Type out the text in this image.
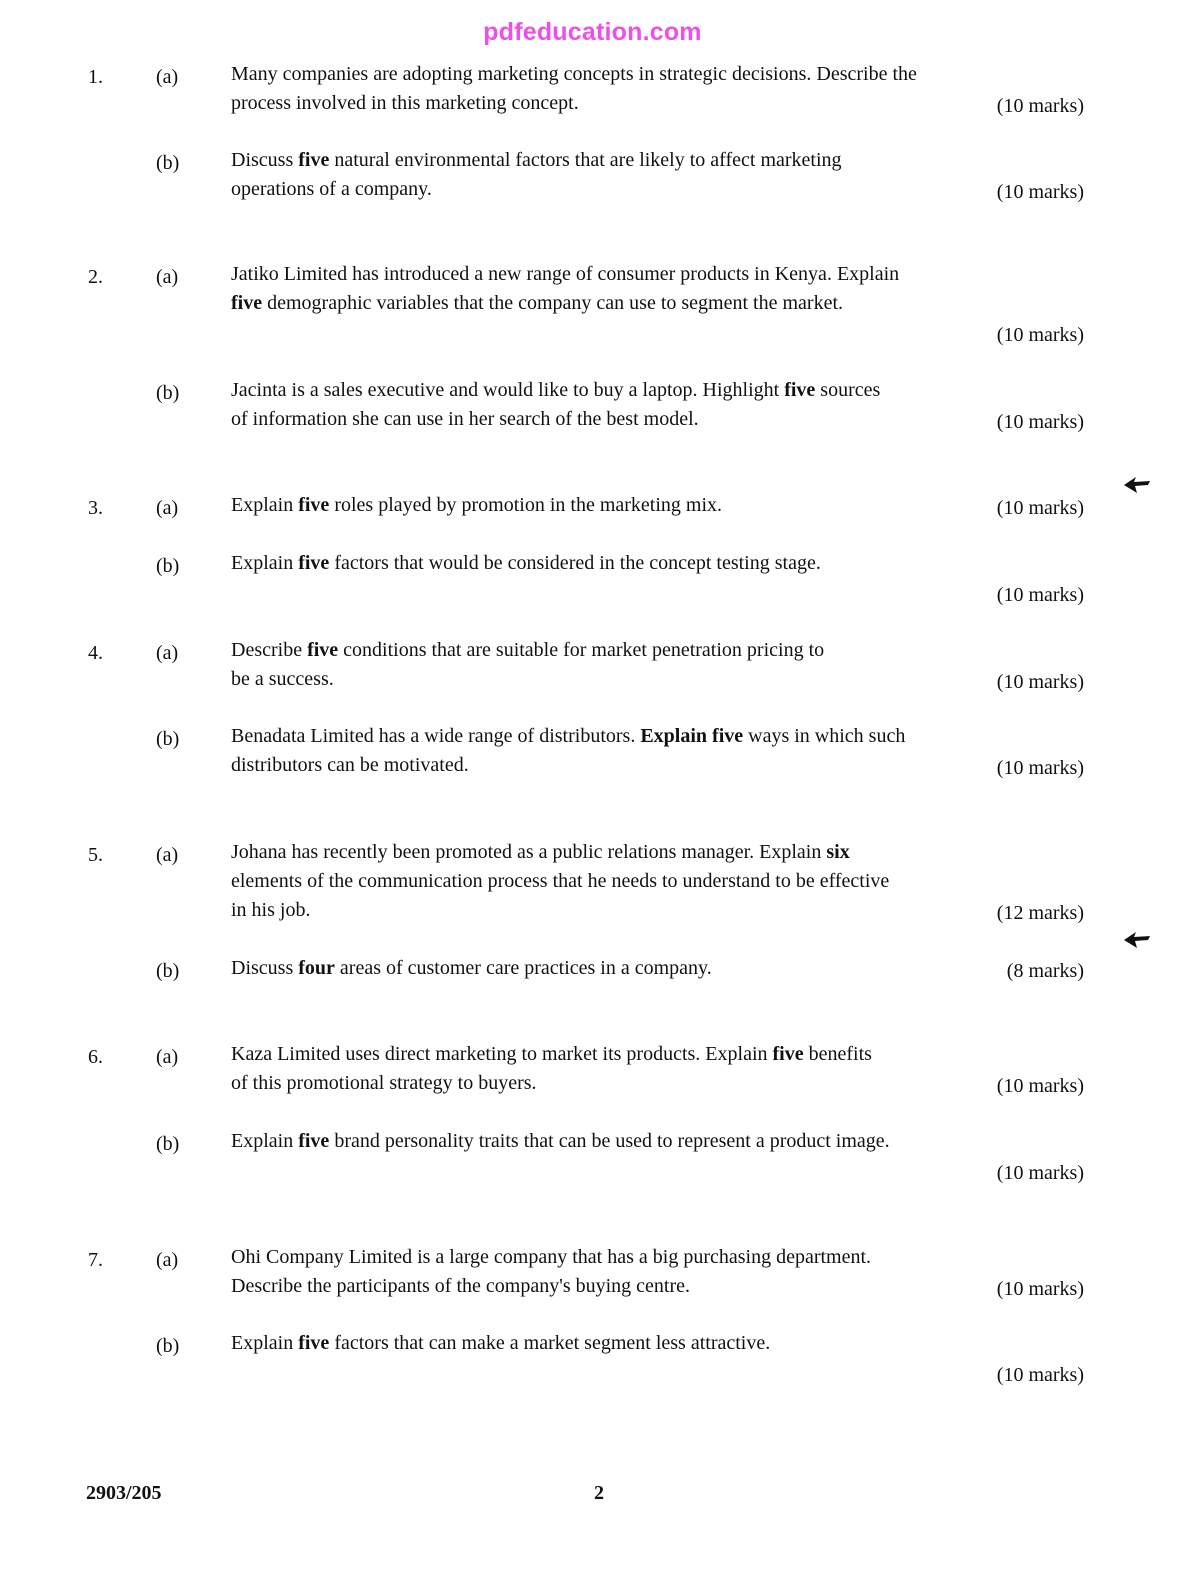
pdfeducation.com
1.	(a)	Many companies are adopting marketing concepts in strategic decisions. Describe the
process involved in this marketing concept.	(10 marks)
(b)	Discuss five natural environmental factors that are likely to affect marketing
operations of a company.	(10 marks)
2.	(a)	Jatiko Limited has introduced a new range of consumer products in Kenya. Explain
five demographic variables that the company can use to segment the market.
(10 marks)
(b)	Jacinta is a sales executive and would like to buy a laptop. Highlight five sources
of information she can use in her search of the best model.	(10 marks)
3.	(a)	Explain five roles played by promotion in the marketing mix.	(10 marks)
(b)	Explain five factors that would be considered in the concept testing stage.
(10 marks)
4.	(a)	Describe five conditions that are suitable for market penetration pricing to
be a success.	(10 marks)
(b)	Benadata Limited has a wide range of distributors. Explain five ways in which such
distributors can be motivated.	(10 marks)
5.	(a)	Johana has recently been promoted as a public relations manager. Explain six
elements of the communication process that he needs to understand to be effective
in his job.	(12 marks)
(b)	Discuss four areas of customer care practices in a company.	(8 marks)
6.	(a)	Kaza Limited uses direct marketing to market its products. Explain five benefits
of this promotional strategy to buyers.	(10 marks)
(b)	Explain five brand personality traits that can be used to represent a product image.
(10 marks)
7.	(a)	Ohi Company Limited is a large company that has a big purchasing department.
Describe the participants of the company's buying centre.	(10 marks)
(b)	Explain five factors that can make a market segment less attractive.
(10 marks)
2903/205	2
